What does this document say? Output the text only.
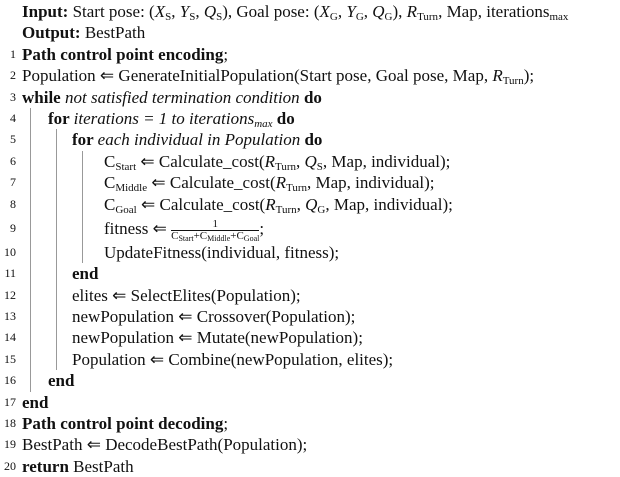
Input: Start pose: ($X_S$, $Y_S$, $Q_S$), Goal pose: ($X_G$, $Y_G$, $Q_G$), $R_{Turn}$, Map, iterations$_{max}$
Output: BestPath
1 Path control point encoding;
2 Population ⇐ GenerateInitialPopulation(Start pose, Goal pose, Map, $R_{Turn}$);
3 while not satisfied termination condition do
4 for iterations = 1 to iterations$_{max}$ do
5	for each individual in Population do
6	$C_{Start}$ ⇐ $Calculate\_\cos t(R_{Turn}$, $Q_S$, Map, individual);
7	$C_{Middle}$ ⇐ $Calculate\_\cos t(R_{Turn}$, Map, individual);
8	$C_{Goal}$ ⇐ $Calculate\_\cos t(R_{Turn}$, $Q_G$, Map, individual);
9	fitness ⇐ $\frac{1}{C_{Start}+C_{Middle}+C_{Goal}}$ ;
10	UpdateFitness(individual, fitness);
11	end
12	elites ⇐ SelectElites(Population);
13	newPopulation ⇐ Crossover(Population);
14	newPopulation ⇐ Mutate(newPopulation);
15	Population ⇐ Combine(newPopulation, elites);
16 end
17 end
18 Path control point decoding;
19 BestPath ⇐ DecodeBestPath(Population);
20 return BestPath
